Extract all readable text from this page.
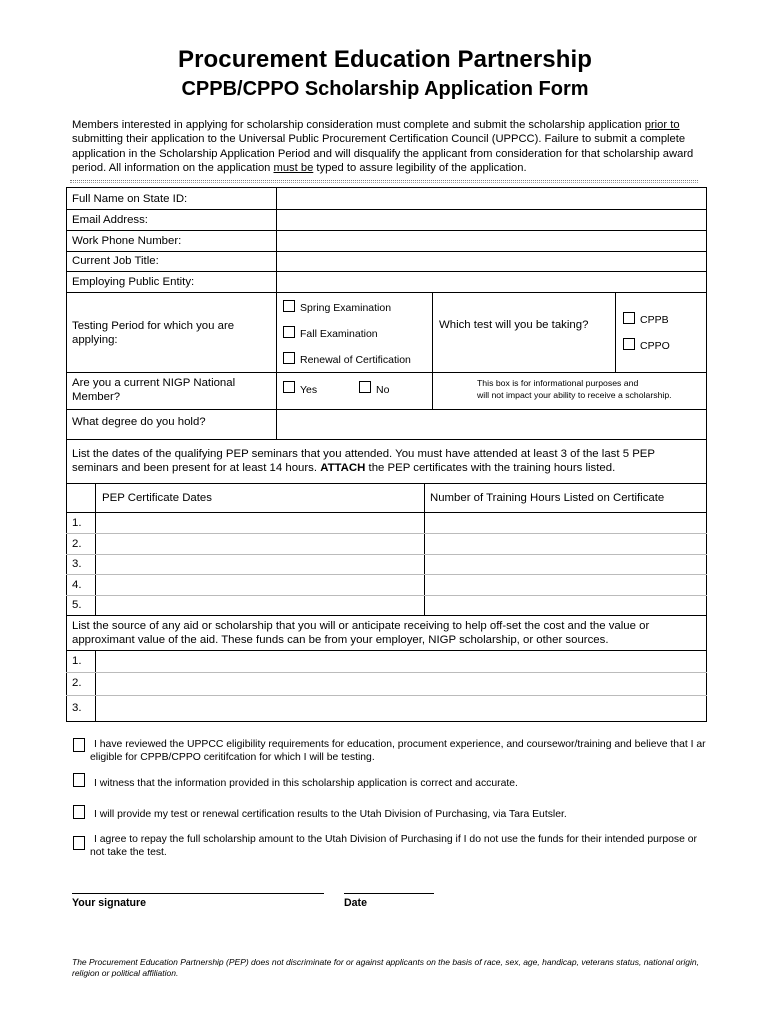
Procurement Education Partnership
CPPB/CPPO Scholarship Application Form
Members interested in applying for scholarship consideration must complete and submit the scholarship application prior to submitting their application to the Universal Public Procurement Certification Council (UPPCC). Failure to submit a complete application in the Scholarship Application Period and will disqualify the applicant from consideration for that scholarship award period. All information on the application must be typed to assure legibility of the application.
Full Name on State ID:
Email Address:
Work Phone Number:
Current Job Title:
Employing Public Entity:
Testing Period for which you are applying:
Spring Examination
Fall Examination
Renewal of Certification
Which test will you be taking?	CPPB
CPPO
Are you a current NIGP National Member?
Yes	No
This box is for informational purposes and
will not impact your ability to receive a scholarship.
What degree do you hold?
List the dates of the qualifying PEP seminars that you attended. You must have attended at least 3 of the last 5 PEP seminars and been present for at least 14 hours. ATTACH the PEP certificates with the training hours listed.
PEP Certificate Dates	Number of Training Hours Listed on Certificate
1.
2.
3.
4.
5.
List the source of any aid or scholarship that you will or anticipate receiving to help off-set the cost and the value or approximant value of the aid. These funds can be from your employer, NIGP scholarship, or other sources.
1.
2.
3.
I have reviewed the UPPCC eligibility requirements for education, procument experience, and coursewor/training and believe that I ar
eligible for CPPB/CPPO ceritifcation for which I will be testing.
I witness that the information provided in this scholarship application is correct and accurate.
I will provide my test or renewal certification results to the Utah Division of Purchasing, via Tara Eutsler.
I agree to repay the full scholarship amount to the Utah Division of Purchasing if I do not use the funds for their intended purpose or
not take the test.
Your signature	Date
The Procurement Education Partnership (PEP) does not discriminate for or against applicants on the basis of race, sex, age, handicap, veterans status, national origin, religion or political affiliation.
